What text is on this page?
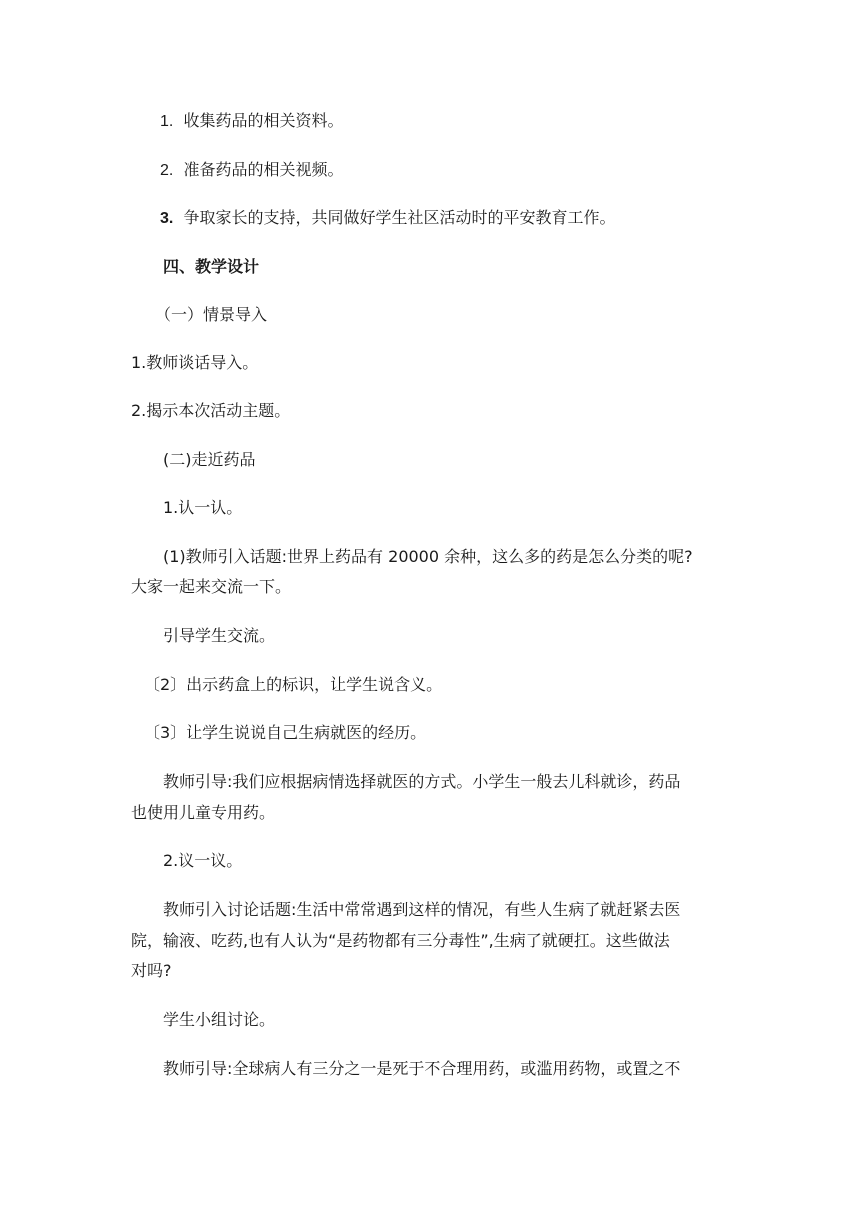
1. 收集药品的相关资料。
2. 准备药品的相关视频。
3. 争取家长的支持，共同做好学生社区活动时的平安教育工作。
四、教学设计
（一）情景导入
1.教师谈话导入。
2.揭示本次活动主题。
(二)走近药品
1.认一认。
(1)教师引入话题:世界上药品有 20000 余种，这么多的药是怎么分类的呢?
大家一起来交流一下。
引导学生交流。
〔2〕出示药盒上的标识，让学生说含义。
〔3〕让学生说说自己生病就医的经历。
教师引导:我们应根据病情选择就医的方式。小学生一般去儿科就诊，药品
也使用儿童专用药。
2.议一议。
教师引入讨论话题:生活中常常遇到这样的情况，有些人生病了就赶紧去医
院，输液、吃药,也有人认为“是药物都有三分毒性”,生病了就硬扛。这些做法
对吗?
学生小组讨论。
教师引导:全球病人有三分之一是死于不合理用药，或滥用药物，或置之不
